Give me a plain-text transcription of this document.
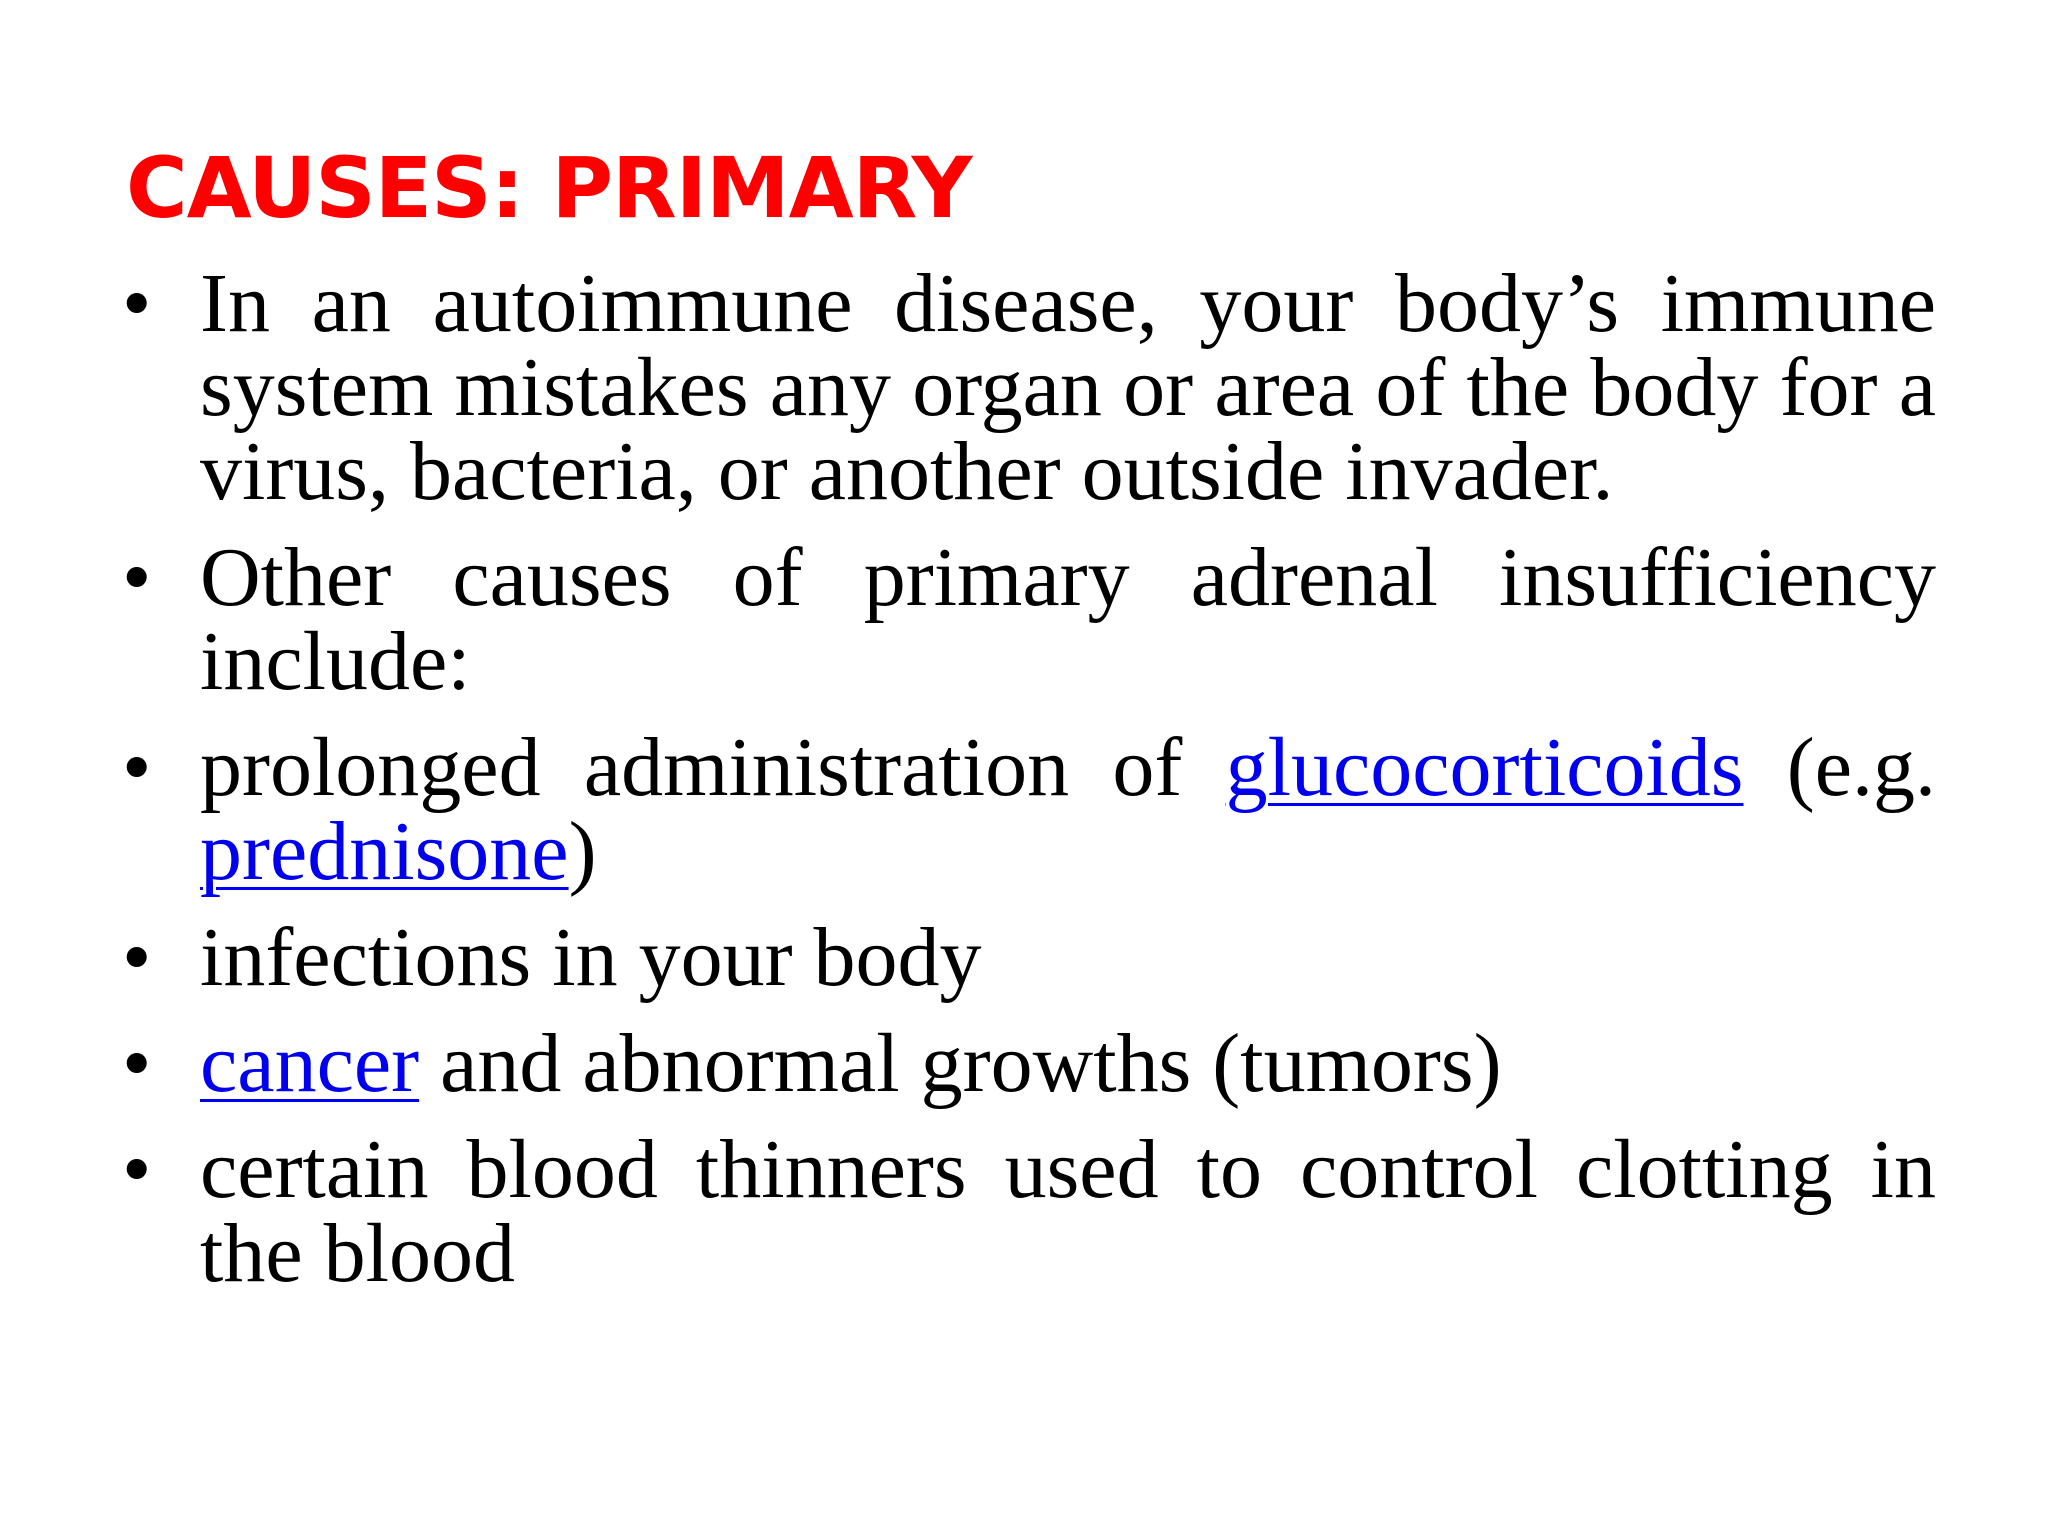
CAUSES: PRIMARY
• In an autoimmune disease, your body’s immune system mistakes any organ or area of the body for a virus, bacteria, or another outside invader.
• Other causes of primary adrenal insufficiency include:
• prolonged administration of glucocorticoids (e.g. prednisone)
• infections in your body
• cancer and abnormal growths (tumors)
• certain blood thinners used to control clotting in the blood
